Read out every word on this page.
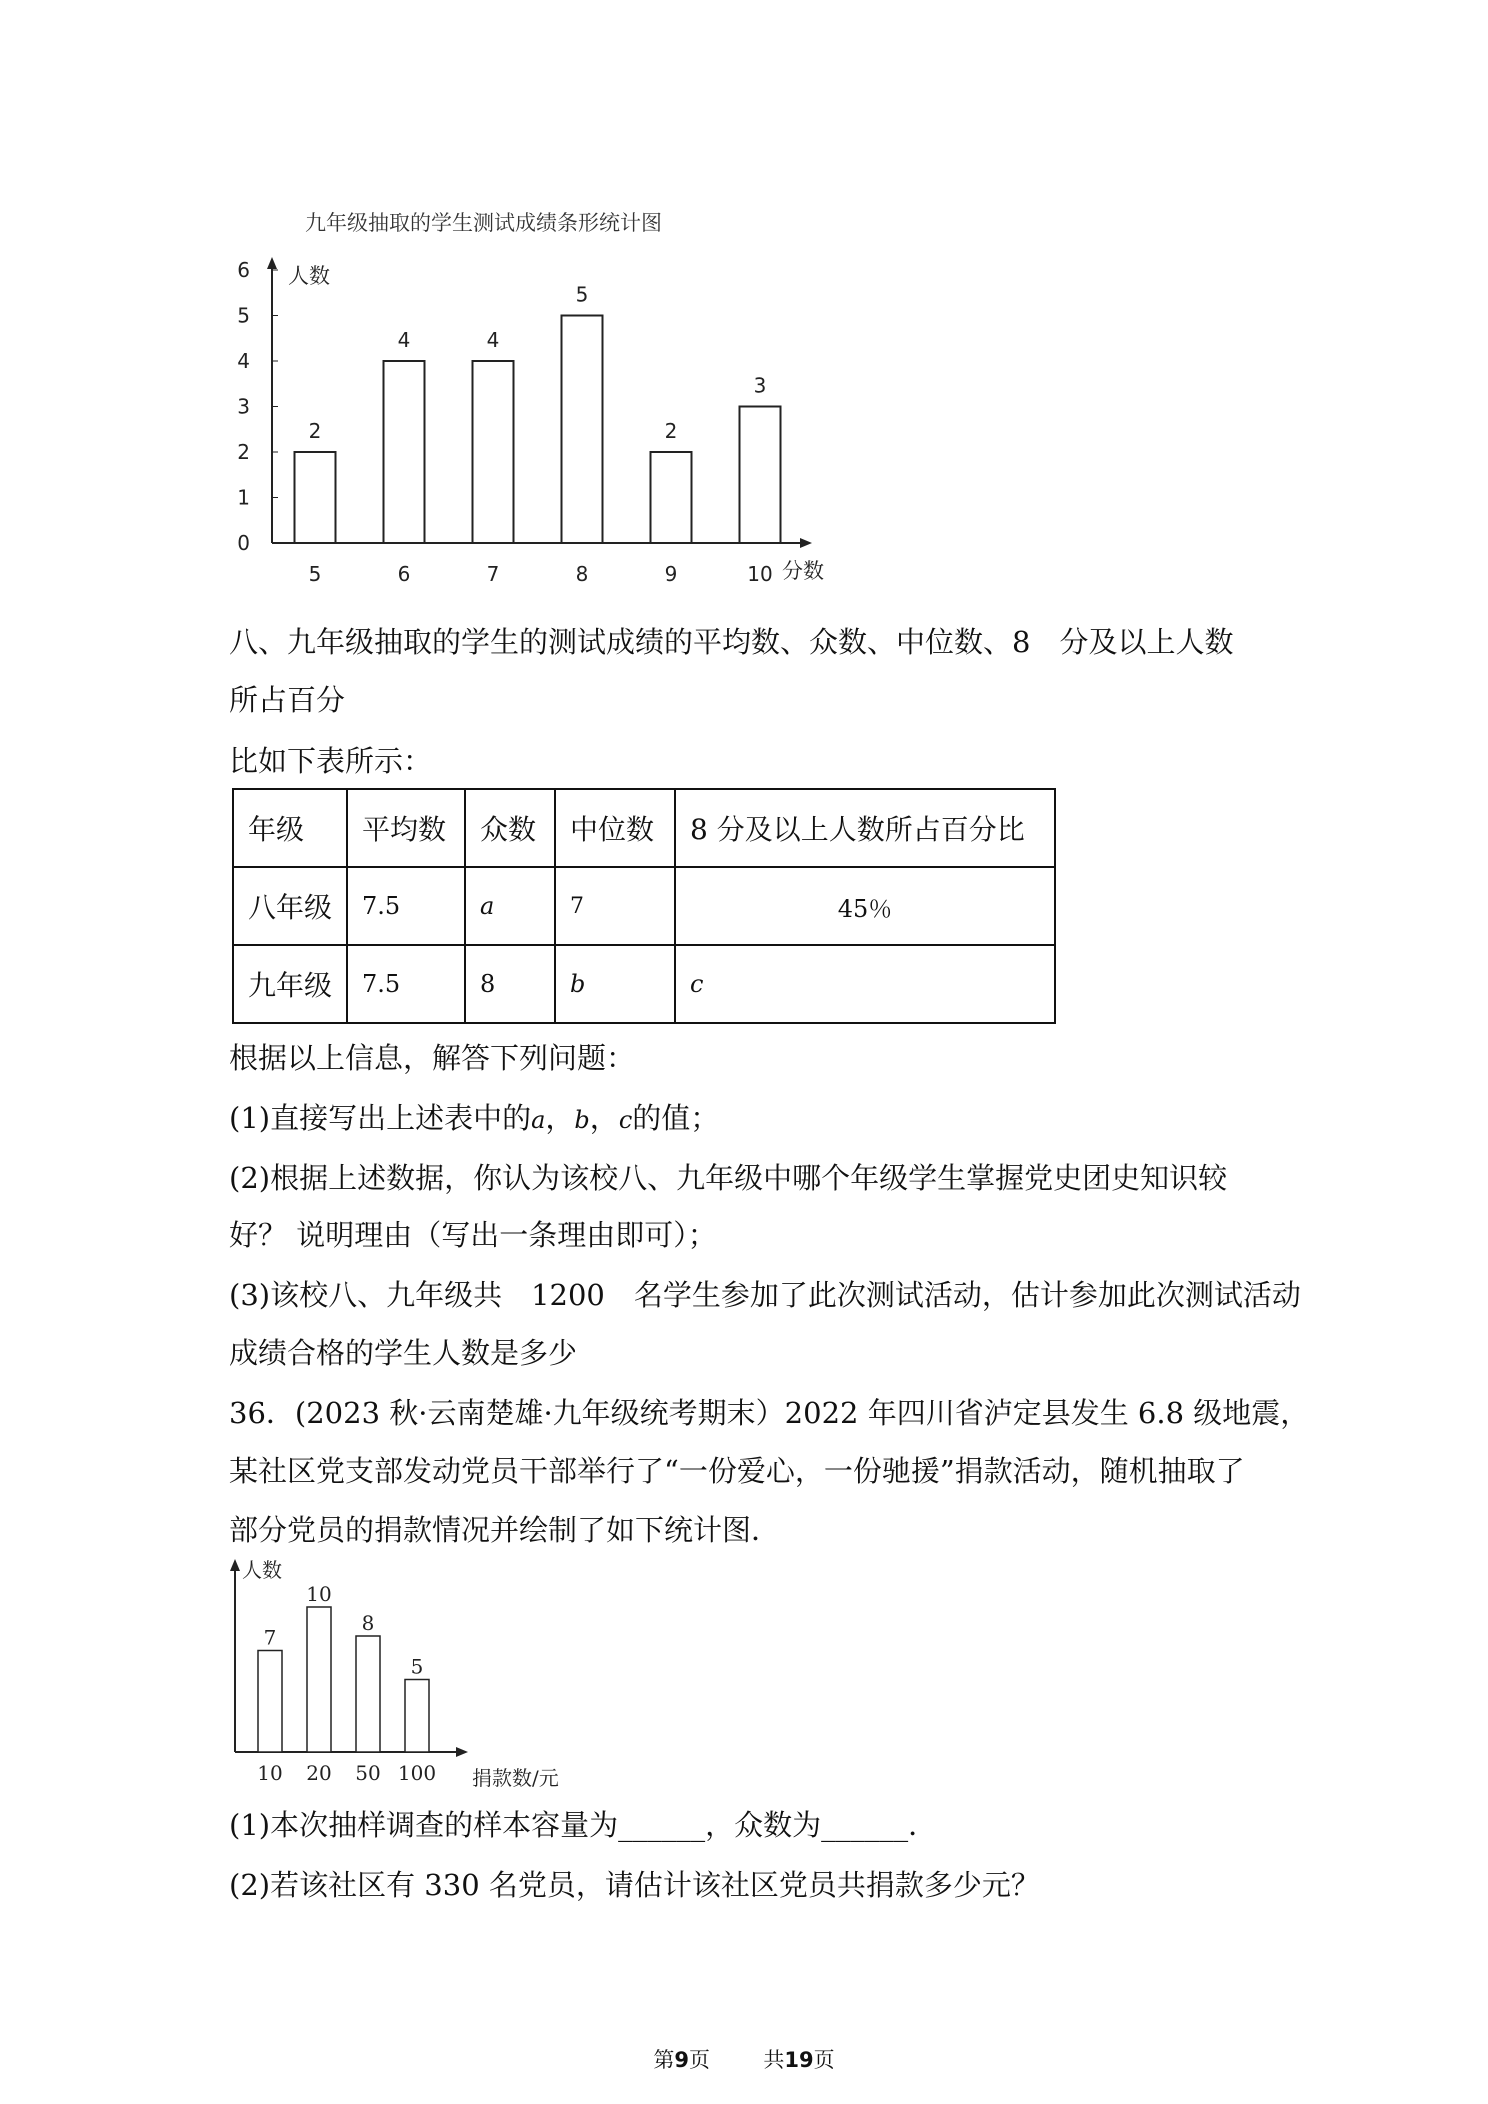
九年级抽取的学生测试成绩条形统计图
人数
分数
0
1
2
3
4
5
6
2
5
4
6
4
7
5
8
2
9
3
10
八、九年级抽取的学生的测试成绩的平均数、众数、中位数、8　分及以上人数
所占百分
比如下表所示：
年级	平均数	众数	中位数	8 分及以上人数所占百分比
八年级	7.5	a	7	45％
九年级	7.5	8	b	c
根据以上信息，解答下列问题：
(1)直接写出上述表中的a，b，c的值；
(2)根据上述数据，你认为该校八、九年级中哪个年级学生掌握党史团史知识较
好？ 说明理由（写出一条理由即可）；
(3)该校八、九年级共　1200　名学生参加了此次测试活动，估计参加此次测试活动
成绩合格的学生人数是多少
36．(2023 秋·云南楚雄·九年级统考期末）2022 年四川省泸定县发生 6.8 级地震，
某社区党支部发动党员干部举行了“一份爱心，一份驰援”捐款活动，随机抽取了
部分党员的捐款情况并绘制了如下统计图．
人数
捐款数/元
7
10
10
20
8
50
5
100
(1)本次抽样调查的样本容量为______，众数为______．
(2)若该社区有 330 名党员，请估计该社区党员共捐款多少元？
第9页	共19页
